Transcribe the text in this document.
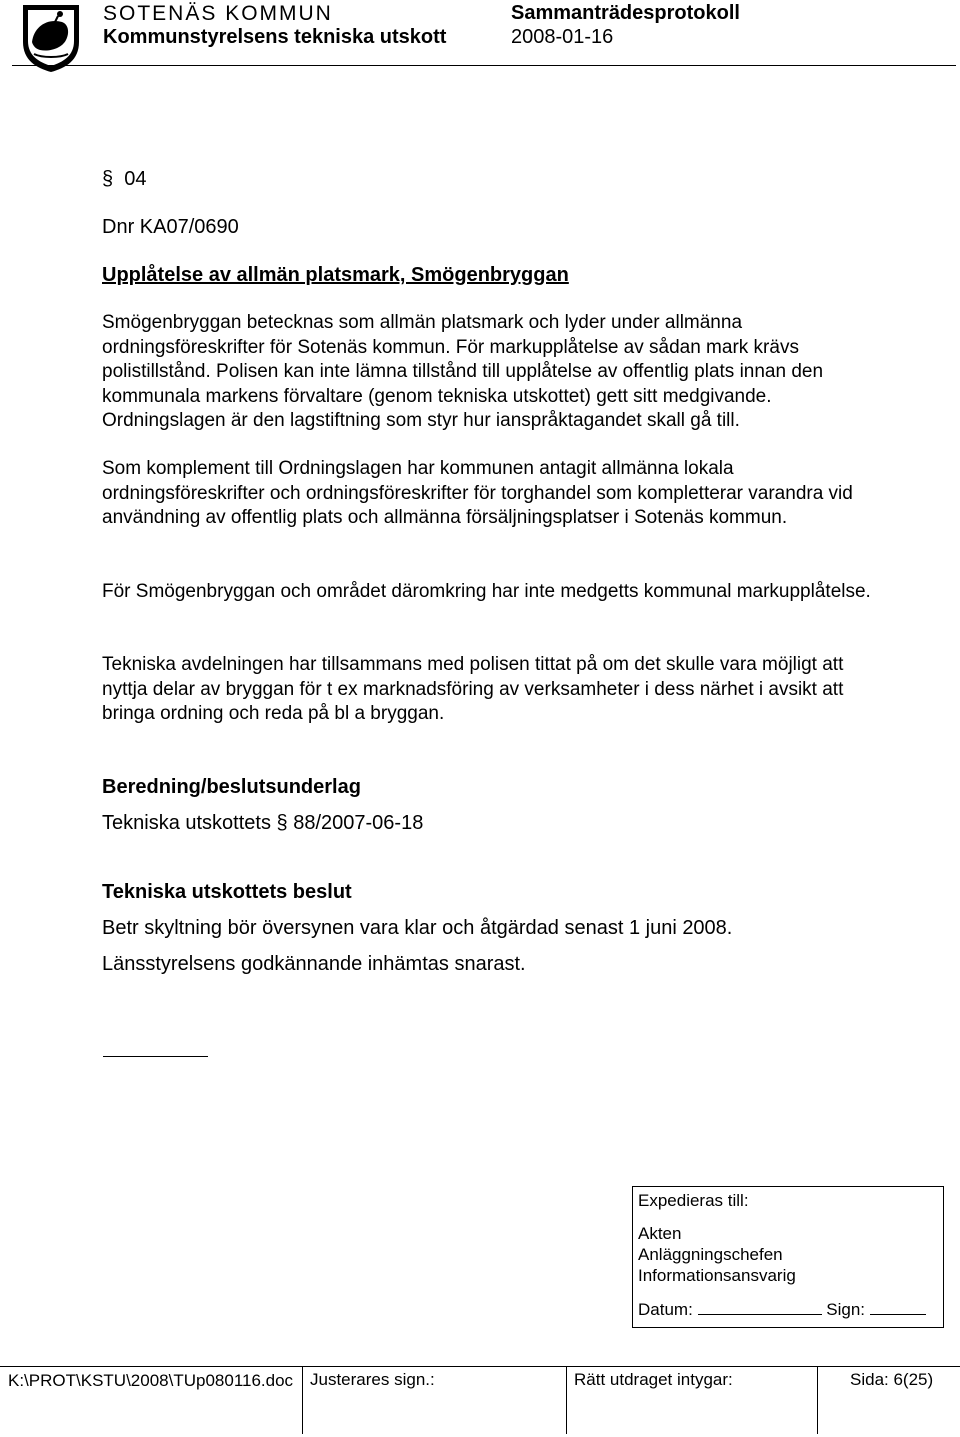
SOTENÄS KOMMUN	Sammanträdesprotokoll
Kommunstyrelsens tekniska utskott	2008-01-16
§ 04
Dnr KA07/0690
Upplåtelse av allmän platsmark, Smögenbryggan
Smögenbryggan betecknas som allmän platsmark och lyder under allmänna ordningsföreskrifter för Sotenäs kommun. För markupplåtelse av sådan mark krävs polistillstånd. Polisen kan inte lämna tillstånd till upplåtelse av offentlig plats innan den kommunala markens förvaltare (genom tekniska utskottet) gett sitt medgivande. Ordningslagen är den lagstiftning som styr hur ianspråktagandet skall gå till.
Som komplement till Ordningslagen har kommunen antagit allmänna lokala ordningsföreskrifter och ordningsföreskrifter för torghandel som kompletterar varandra vid användning av offentlig plats och allmänna försäljningsplatser i Sotenäs kommun.
För Smögenbryggan och området däromkring har inte medgetts kommunal markupplåtelse.
Tekniska avdelningen har tillsammans med polisen tittat på om det skulle vara möjligt att nyttja delar av bryggan för t ex marknadsföring av verksamheter i dess närhet i avsikt att bringa ordning och reda på bl a bryggan.
Beredning/beslutsunderlag
Tekniska utskottets § 88/2007-06-18
Tekniska utskottets beslut
Betr skyltning bör översynen vara klar och åtgärdad senast 1 juni 2008.
Länsstyrelsens godkännande inhämtas snarast.
Expedieras till:
Akten
Anläggningschefen
Informationsansvarig
Datum:	Sign:
K:\PROT\KSTU\2008\TUp080116.doc Justerares sign.:	Rätt utdraget intygar:	Sida: 6(25)
